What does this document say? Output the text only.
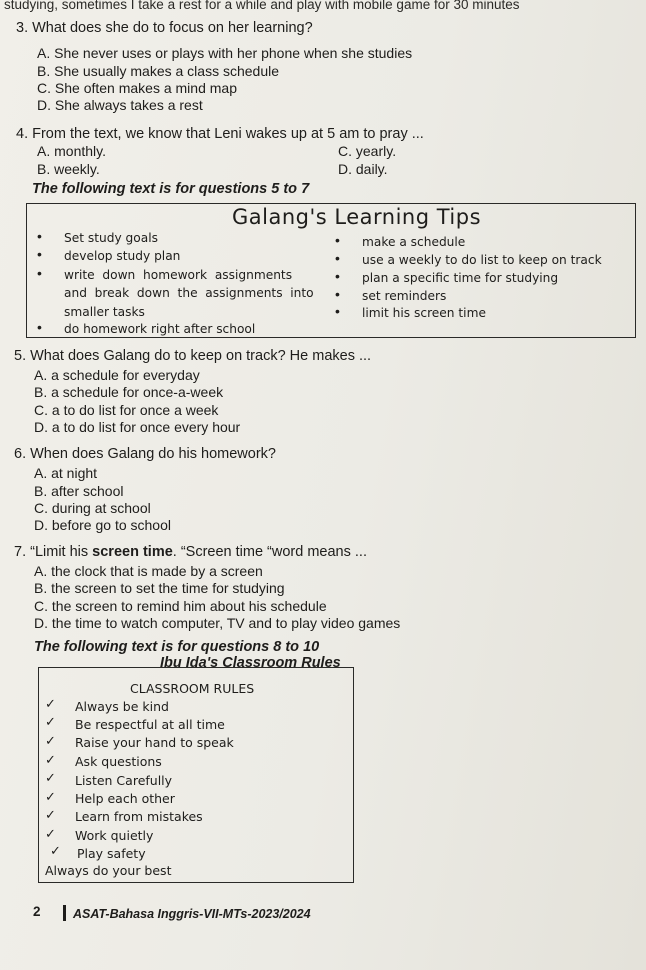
studying, sometimes I take a rest for a while and play with mobile game for 30 minutes
3. What does she do to focus on her learning?
A. She never uses or plays with her phone when she studies
B. She usually makes a class schedule
C. She often makes a mind map
D. She always takes a rest
4. From the text, we know that Leni wakes up at 5 am to pray ...
A. monthly.
B. weekly.
C. yearly.
D. daily.
The following text is for questions 5 to 7
Galang's Learning Tips
• Set study goals
• develop study plan
• write  down  homework  assignments
and  break  down  the  assignments  into
smaller tasks
• do homework right after school
• make a schedule
• use a weekly to do list to keep on track
• plan a specific time for studying
• set reminders
• limit his screen time
5. What does Galang do to keep on track? He makes ...
A. a schedule for everyday
B. a schedule for once-a-week
C. a to do list for once a week
D. a to do list for once every hour
6. When does Galang do his homework?
A. at night
B. after school
C. during at school
D. before go to school
7. “Limit his screen time. “Screen time “word means ...
A. the clock that is made by a screen
B. the screen to set the time for studying
C. the screen to remind him about his schedule
D. the time to watch computer, TV and to play video games
The following text is for questions 8 to 10
Ibu Ida's Classroom Rules
CLASSROOM RULES
✓ Always be kind
✓ Be respectful at all time
✓ Raise your hand to speak
✓ Ask questions
✓ Listen Carefully
✓ Help each other
✓ Learn from mistakes
✓ Work quietly
✓ Play safety
Always do your best
2	ASAT-Bahasa Inggris-VII-MTs-2023/2024
